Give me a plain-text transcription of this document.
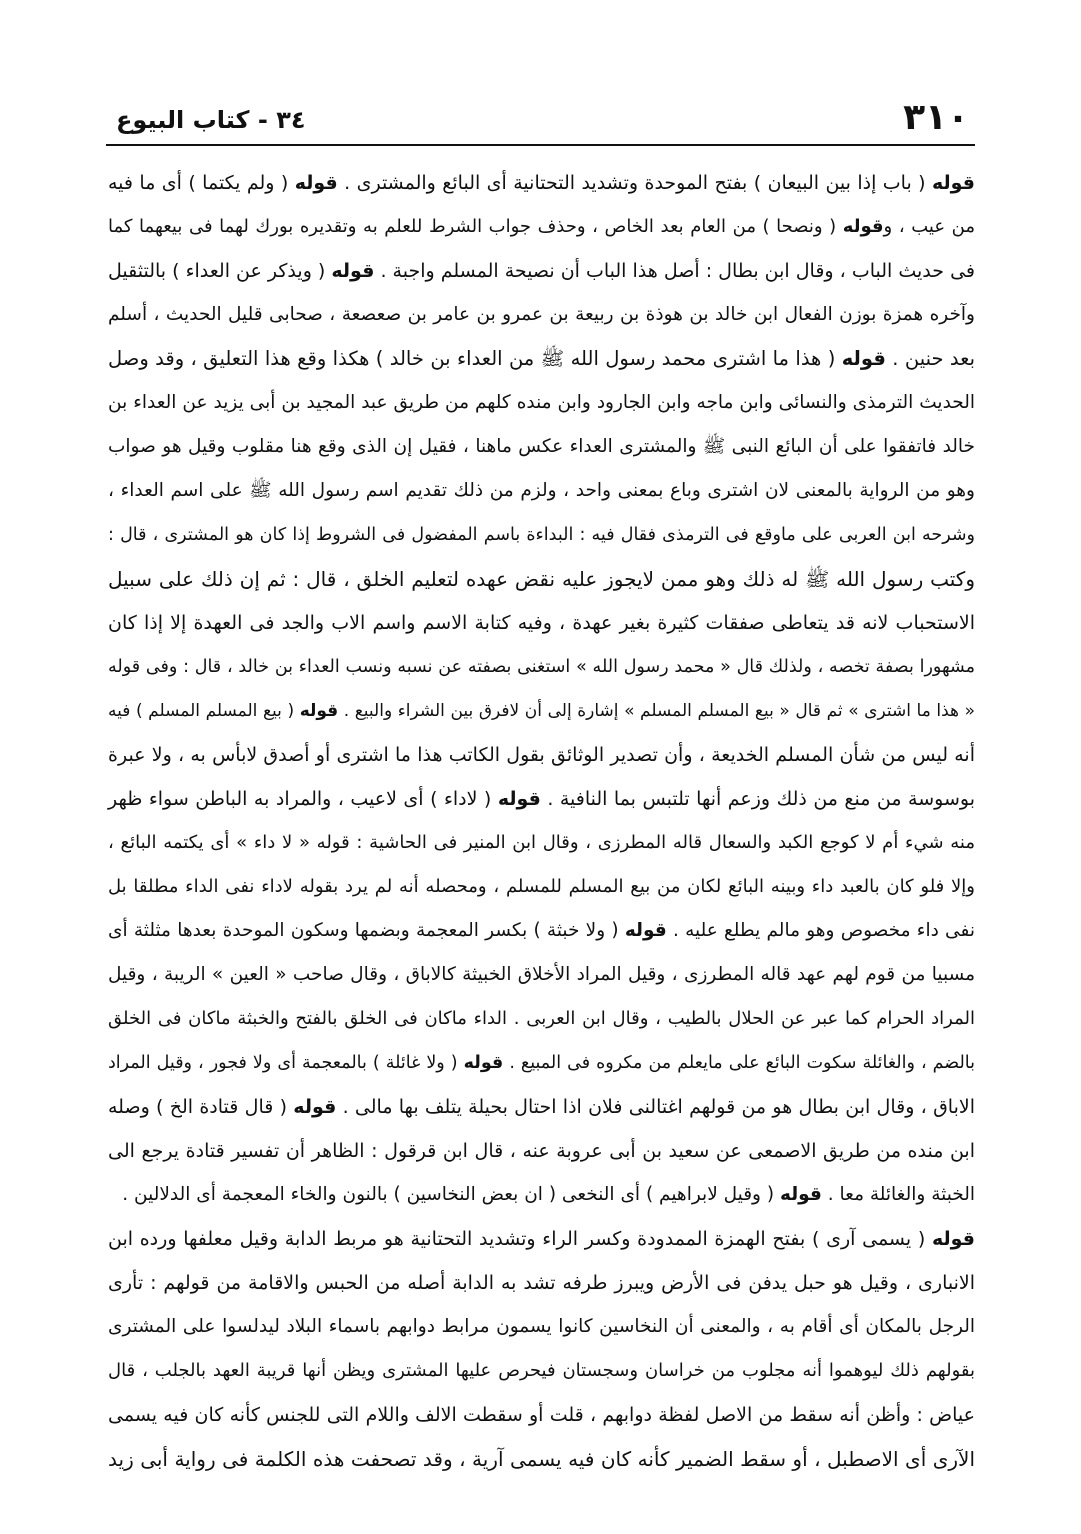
٣١٠
٣٤ - كتاب البيوع
قوله ( باب إذا بين البيعان ) بفتح الموحدة وتشديد التحتانية أى البائع والمشترى . قوله ( ولم يكتما ) أى ما فيه
من عيب ، وقوله ( ونصحا ) من العام بعد الخاص ، وحذف جواب الشرط للعلم به وتقديره بورك لهما فى بيعهما كما
فى حديث الباب ، وقال ابن بطال : أصل هذا الباب أن نصيحة المسلم واجبة . قوله ( ويذكر عن العداء ) بالتثقيل
وآخره همزة بوزن الفعال ابن خالد بن هوذة بن ربيعة بن عمرو بن عامر بن صعصعة ، صحابى قليل الحديث ، أسلم
بعد حنين . قوله ( هذا ما اشترى محمد رسول الله ﷺ من العداء بن خالد ) هكذا وقع هذا التعليق ، وقد وصل
الحديث الترمذى والنسائى وابن ماجه وابن الجارود وابن منده كلهم من طريق عبد المجيد بن أبى يزيد عن العداء بن
خالد فاتفقوا على أن البائع النبى ﷺ والمشترى العداء عكس ماهنا ، فقيل إن الذى وقع هنا مقلوب وقيل هو صواب
وهو من الرواية بالمعنى لان اشترى وباع بمعنى واحد ، ولزم من ذلك تقديم اسم رسول الله ﷺ على اسم العداء ،
وشرحه ابن العربى على ماوقع فى الترمذى فقال فيه : البداءة باسم المفضول فى الشروط إذا كان هو المشترى ، قال :
وكتب رسول الله ﷺ له ذلك وهو ممن لايجوز عليه نقض عهده لتعليم الخلق ، قال : ثم إن ذلك على سبيل
الاستحباب لانه قد يتعاطى صفقات كثيرة بغير عهدة ، وفيه كتابة الاسم واسم الاب والجد فى العهدة إلا إذا كان
مشهورا بصفة تخصه ، ولذلك قال « محمد رسول الله » استغنى بصفته عن نسبه ونسب العداء بن خالد ، قال : وفى قوله
« هذا ما اشترى » ثم قال « بيع المسلم المسلم » إشارة إلى أن لافرق بين الشراء والبيع . قوله ( بيع المسلم المسلم ) فيه
أنه ليس من شأن المسلم الخديعة ، وأن تصدير الوثائق بقول الكاتب هذا ما اشترى أو أصدق لابأس به ، ولا عبرة
بوسوسة من منع من ذلك وزعم أنها تلتبس بما النافية . قوله ( لاداء ) أى لاعيب ، والمراد به الباطن سواء ظهر
منه شيء أم لا كوجع الكبد والسعال قاله المطرزى ، وقال ابن المنير فى الحاشية : قوله « لا داء » أى يكتمه البائع ،
وإلا فلو كان بالعبد داء وبينه البائع لكان من بيع المسلم للمسلم ، ومحصله أنه لم يرد بقوله لاداء نفى الداء مطلقا بل
نفى داء مخصوص وهو مالم يطلع عليه . قوله ( ولا خبثة ) بكسر المعجمة وبضمها وسكون الموحدة بعدها مثلثة أى
مسبيا من قوم لهم عهد قاله المطرزى ، وقيل المراد الأخلاق الخبيثة كالاباق ، وقال صاحب « العين » الريبة ، وقيل
المراد الحرام كما عبر عن الحلال بالطيب ، وقال ابن العربى . الداء ماكان فى الخلق بالفتح والخبثة ماكان فى الخلق
بالضم ، والغائلة سكوت البائع على مايعلم من مكروه فى المبيع . قوله ( ولا غائلة ) بالمعجمة أى ولا فجور ، وقيل المراد
الاباق ، وقال ابن بطال هو من قولهم اغتالنى فلان اذا احتال بحيلة يتلف بها مالى . قوله ( قال قتادة الخ ) وصله
ابن منده من طريق الاصمعى عن سعيد بن أبى عروبة عنه ، قال ابن قرقول : الظاهر أن تفسير قتادة يرجع الى
الخبثة والغائلة معا . قوله ( وقيل لابراهيم ) أى النخعى ( ان بعض النخاسين ) بالنون والخاء المعجمة أى الدلالين .
قوله ( يسمى آرى ) بفتح الهمزة الممدودة وكسر الراء وتشديد التحتانية هو مربط الدابة وقيل معلفها ورده ابن
الانبارى ، وقيل هو حبل يدفن فى الأرض ويبرز طرفه تشد به الدابة أصله من الحبس والاقامة من قولهم : تأرى
الرجل بالمكان أى أقام به ، والمعنى أن النخاسين كانوا يسمون مرابط دوابهم باسماء البلاد ليدلسوا على المشترى
بقولهم ذلك ليوهموا أنه مجلوب من خراسان وسجستان فيحرص عليها المشترى ويظن أنها قريبة العهد بالجلب ، قال
عياض : وأظن أنه سقط من الاصل لفظة دوابهم ، قلت أو سقطت الالف واللام التى للجنس كأنه كان فيه يسمى
الآرى أى الاصطبل ، أو سقط الضمير كأنه كان فيه يسمى آرية ، وقد تصحفت هذه الكلمة فى رواية أبى زيد
